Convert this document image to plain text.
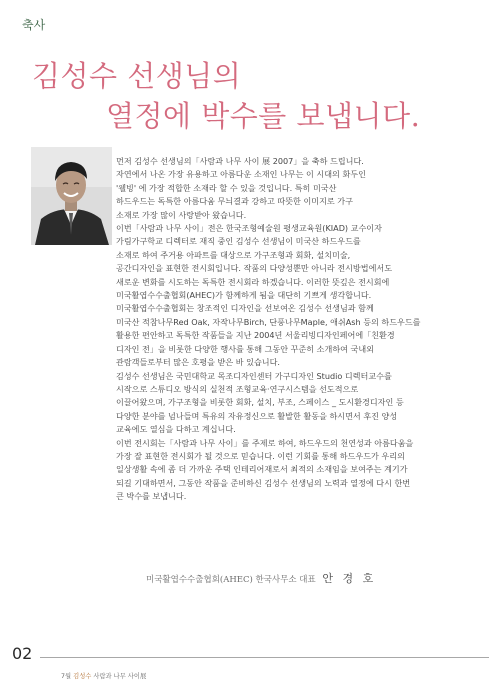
축사
김성수 선생님의
열정에 박수를 보냅니다.
먼저 김성수 선생님의「사람과 나무 사이 展 2007」을 축하 드립니다.
자연에서 나온 가장 유용하고 아름다운 소재인 나무는 이 시대의 화두인
'웰빙' 에 가장 적합한 소재라 할 수 있을 것입니다. 특히 미국산
하드우드는 독특한 아름다움 무늬결과 강하고 따뜻한 이미지로 가구
소재로 가장 많이 사랑받아 왔습니다.
이번「사람과 나무 사이」전은 한국조형예술원 평생교육원(KIAD) 교수이자
가림가구학교 디렉터로 재직 중인 김성수 선생님이 미국산 하드우드를
소재로 하여 주거용 아파트를 대상으로 가구조형과 회화, 설치미술,
공간디자인을 표현한 전시회입니다. 작품의 다양성뿐만 아니라 전시방법에서도
새로운 변화를 시도하는 독특한 전시회라 하겠습니다. 이러한 뜻깊은 전시회에
미국활엽수수출협회(AHEC)가 함께하게 됨을 대단히 기쁘게 생각합니다.
미국활엽수수출협회는 창조적인 디자인을 선보여온 김성수 선생님과 함께
미국산 적참나무Red Oak, 자작나무Birch, 단풍나무Maple, 애쉬Ash 등의 하드우드를
활용한 편안하고 독특한 작품들을 지난 2004년 서울리빙디자인페어에「친환경
디자인 전」을 비롯한 다양한 행사를 통해 그동안 꾸준히 소개하여 국내외
관람객들로부터 많은 호평을 받은 바 있습니다.
김성수 선생님은 국민대학교 목조디자인센터 가구디자인 Studio 디렉터교수를
시작으로 스튜디오 방식의 실천적 조형교육·연구시스템을 선도적으로
이끌어왔으며, 가구조형을 비롯한 회화, 설치, 부조, 스페이스 _ 도시환경디자인 등
다양한 분야를 넘나들며 특유의 자유정신으로 활발한 활동을 하시면서 후진 양성
교육에도 열심을 다하고 계십니다.
이번 전시회는「사람과 나무 사이」를 주제로 하여, 하드우드의 천연성과 아름다움을
가장 잘 표현한 전시회가 될 것으로 믿습니다. 이런 기회를 통해 하드우드가 우리의
일상생활 속에 좀 더 가까운 주택 인테리어재로서 최적의 소재임을 보여주는 계기가
되길 기대하면서, 그동안 작품을 준비하신 김성수 선생님의 노력과 열정에 다시 한번
큰 박수를 보냅니다.
미국활엽수수출협회(AHEC) 한국사무소 대표 안 경 호
02
7월 김성수 사람과 나무 사이展
